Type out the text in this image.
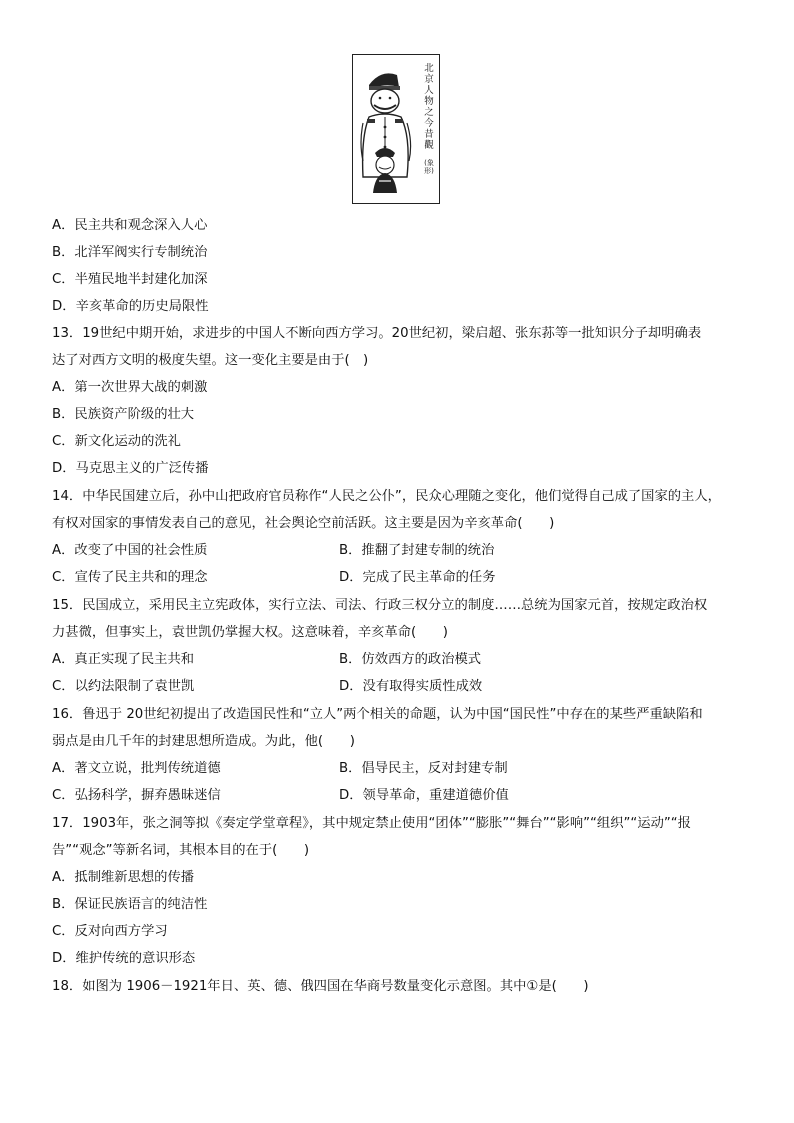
北京人物之今昔觀
(象形)
A．民主共和观念深入人心
B．北洋军阀实行专制统治
C．半殖民地半封建化加深
D．辛亥革命的历史局限性
13．19世纪中期开始，求进步的中国人不断向西方学习。20世纪初，梁启超、张东荪等一批知识分子却明确表
达了对西方文明的极度失望。这一变化主要是由于(　)
A．第一次世界大战的刺激
B．民族资产阶级的壮大
C．新文化运动的洗礼
D．马克思主义的广泛传播
14．中华民国建立后，孙中山把政府官员称作“人民之公仆”，民众心理随之变化，他们觉得自己成了国家的主人，
有权对国家的事情发表自己的意见，社会舆论空前活跃。这主要是因为辛亥革命(　　)
A．改变了中国的社会性质	B．推翻了封建专制的统治
C．宣传了民主共和的理念	D．完成了民主革命的任务
15．民国成立，采用民主立宪政体，实行立法、司法、行政三权分立的制度……总统为国家元首，按规定政治权
力甚微，但事实上，袁世凯仍掌握大权。这意味着，辛亥革命(　　)
A．真正实现了民主共和	B．仿效西方的政治模式
C．以约法限制了袁世凯	D．没有取得实质性成效
16．鲁迅于 20世纪初提出了改造国民性和“立人”两个相关的命题，认为中国“国民性”中存在的某些严重缺陷和
弱点是由几千年的封建思想所造成。为此，他(　　)
A．著文立说，批判传统道德	B．倡导民主，反对封建专制
C．弘扬科学，摒弃愚昧迷信	D．领导革命，重建道德价值
17．1903年，张之洞等拟《奏定学堂章程》，其中规定禁止使用“团体”“膨胀”“舞台”“影响”“组织”“运动”“报
告”“观念”等新名词，其根本目的在于(　　)
A．抵制维新思想的传播
B．保证民族语言的纯洁性
C．反对向西方学习
D．维护传统的意识形态
18．如图为 1906－1921年日、英、德、俄四国在华商号数量变化示意图。其中①是(　　)
